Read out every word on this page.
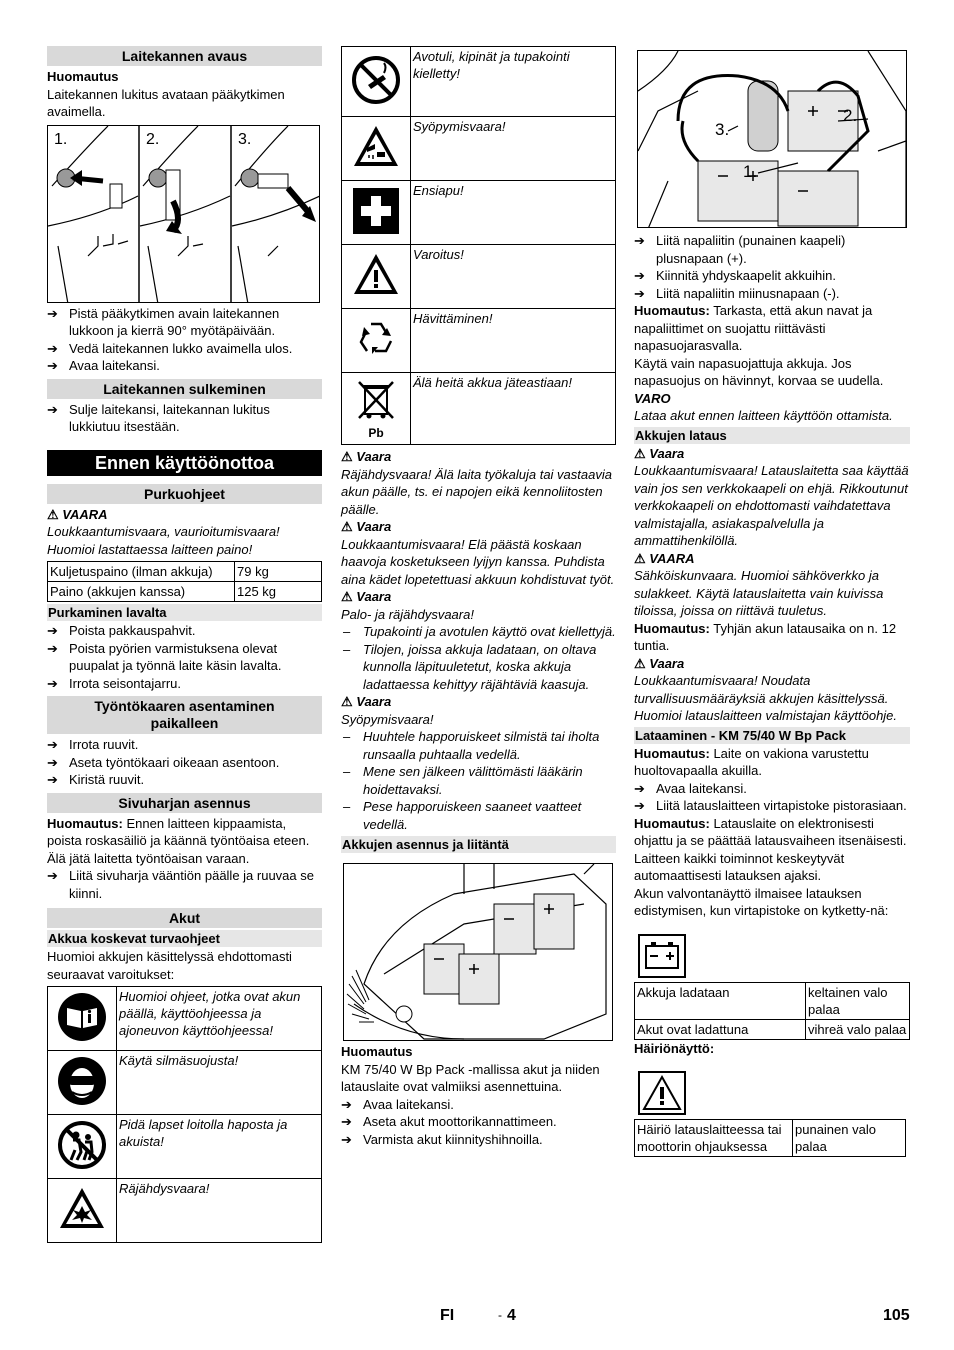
Laitekannen avaus
Huomautus
Laitekannen lukitus avataan pääkytkimen avaimella.
1.	2.	3.
➔ Pistä pääkytkimen avain laitekannen lukkoon ja kierrä 90° myötäpäivään.
➔ Vedä laitekannen lukko avaimella ulos.
➔ Avaa laitekansi.
Laitekannen sulkeminen
➔ Sulje laitekansi, laitekannan lukitus lukkiutuu itsestään.
Ennen käyttöönottoa
Purkuohjeet
⚠ VAARA
Loukkaantumisvaara, vaurioitumisvaara! Huomioi lastattaessa laitteen paino!
Kuljetuspaino (ilman akkuja)	79 kg
Paino (akkujen kanssa)	125 kg
Purkaminen lavalta
➔ Poista pakkauspahvit.
➔ Poista pyörien varmistuksena olevat puupalat ja työnnä laite käsin lavalta.
➔ Irrota seisontajarru.
Työntökaaren asentaminen paikalleen
➔ Irrota ruuvit.
➔ Aseta työntökaari oikeaan asentoon.
➔ Kiristä ruuvit.
Sivuharjan asennus
Huomautus: Ennen laitteen kippaamista, poista roskasäiliö ja käännä työntöaisa eteen. Älä jätä laitetta työntöaisan varaan.
➔ Liitä sivuharja vääntiön päälle ja ruuvaa se kiinni.
Akut
Akkua koskevat turvaohjeet
Huomioi akkujen käsittelyssä ehdottomasti seuraavat varoitukset:
	Huomioi ohjeet, jotka ovat akun päällä, käyttöohjeessa ja ajoneuvon käyttöohjeessa!
	Käytä silmäsuojusta!
	Pidä lapset loitolla haposta ja akuista!
	Räjähdysvaara!
	Avotuli, kipinät ja tupakointi kielletty!
	Syöpymisvaara!
	Ensiapu!
	Varoitus!
	Hävittäminen!

Pb	Älä heitä akkua jäteastiaan!
⚠ Vaara
Räjähdysvaara! Älä laita työkaluja tai vastaavia akun päälle, ts. ei napojen eikä kennoliitosten päälle.
⚠ Vaara
Loukkaantumisvaara! Elä päästä koskaan haavoja kosketukseen lyijyn kanssa. Puhdista aina kädet lopetettuasi akkuun kohdistuvat työt.
⚠ Vaara
Palo- ja räjähdysvaara!
– Tupakointi ja avotulen käyttö ovat kiellettyjä.
– Tilojen, joissa akkuja ladataan, on oltava kunnolla läpituuletetut, koska akkuja ladattaessa kehittyy räjähtäviä kaasuja.
⚠ Vaara
Syöpymisvaara!
– Huuhtele happoruiskeet silmistä tai iholta runsaalla puhtaalla vedellä.
– Mene sen jälkeen välittömästi lääkärin hoidettavaksi.
– Pese happoruiskeen saaneet vaatteet vedellä.
Akkujen asennus ja liitäntä
Huomautus
KM 75/40 W Bp Pack -mallissa akut ja niiden latauslaite ovat valmiiksi asennettuina.
➔ Avaa laitekansi.
➔ Aseta akut moottorikannattimeen.
➔ Varmista akut kiinnityshihnoilla.
2.
3.
1.
➔ Liitä napaliitin (punainen kaapeli) plusnapaan (+).
➔ Kiinnitä yhdyskaapelit akkuihin.
➔ Liitä napaliitin miinusnapaan (-).
Huomautus: Tarkasta, että akun navat ja napaliittimet on suojattu riittävästi napasuojarasvalla.
Käytä vain napasuojattuja akkuja. Jos napasuojus on hävinnyt, korvaa se uudella.
VARO
Lataa akut ennen laitteen käyttöön ottamista.
Akkujen lataus
⚠ Vaara
Loukkaantumisvaara! Latauslaitetta saa käyttää vain jos sen verkkokaapeli on ehjä. Rikkoutunut verkkokaapeli on ehdottomasti vaihdatettava valmistajalla, asiakaspalvelulla ja ammattihenkilöllä.
⚠ VAARA
Sähköiskunvaara. Huomioi sähköverkko ja sulakkeet. Käytä latauslaitetta vain kuivissa tiloissa, joissa on riittävä tuuletus.
Huomautus: Tyhjän akun latausaika on n. 12 tuntia.
⚠ Vaara
Loukkaantumisvaara! Noudata turvallisuusmääräyksiä akkujen käsittelyssä. Huomioi latauslaitteen valmistajan käyttöohje.
Lataaminen - KM 75/40 W Bp Pack
Huomautus: Laite on vakiona varustettu huoltovapaalla akuilla.
➔ Avaa laitekansi.
➔ Liitä latauslaitteen virtapistoke pistorasiaan.
Huomautus: Latauslaite on elektronisesti ohjattu ja se päättää latausvaiheen itsenäisesti. Laitteen kaikki toiminnot keskeytyvät automaattisesti latauksen ajaksi.
Akun valvontanäyttö ilmaisee latauksen edistymisen, kun virtapistoke on kytketty-nä:
Akkuja ladataan	keltainen valo palaa
Akut ovat ladattuna	vihreä valo palaa
Häiriönäyttö:
Häiriö latauslaitteessa tai moottorin ohjauksessa	punainen valo palaa
FI	- 4	105
